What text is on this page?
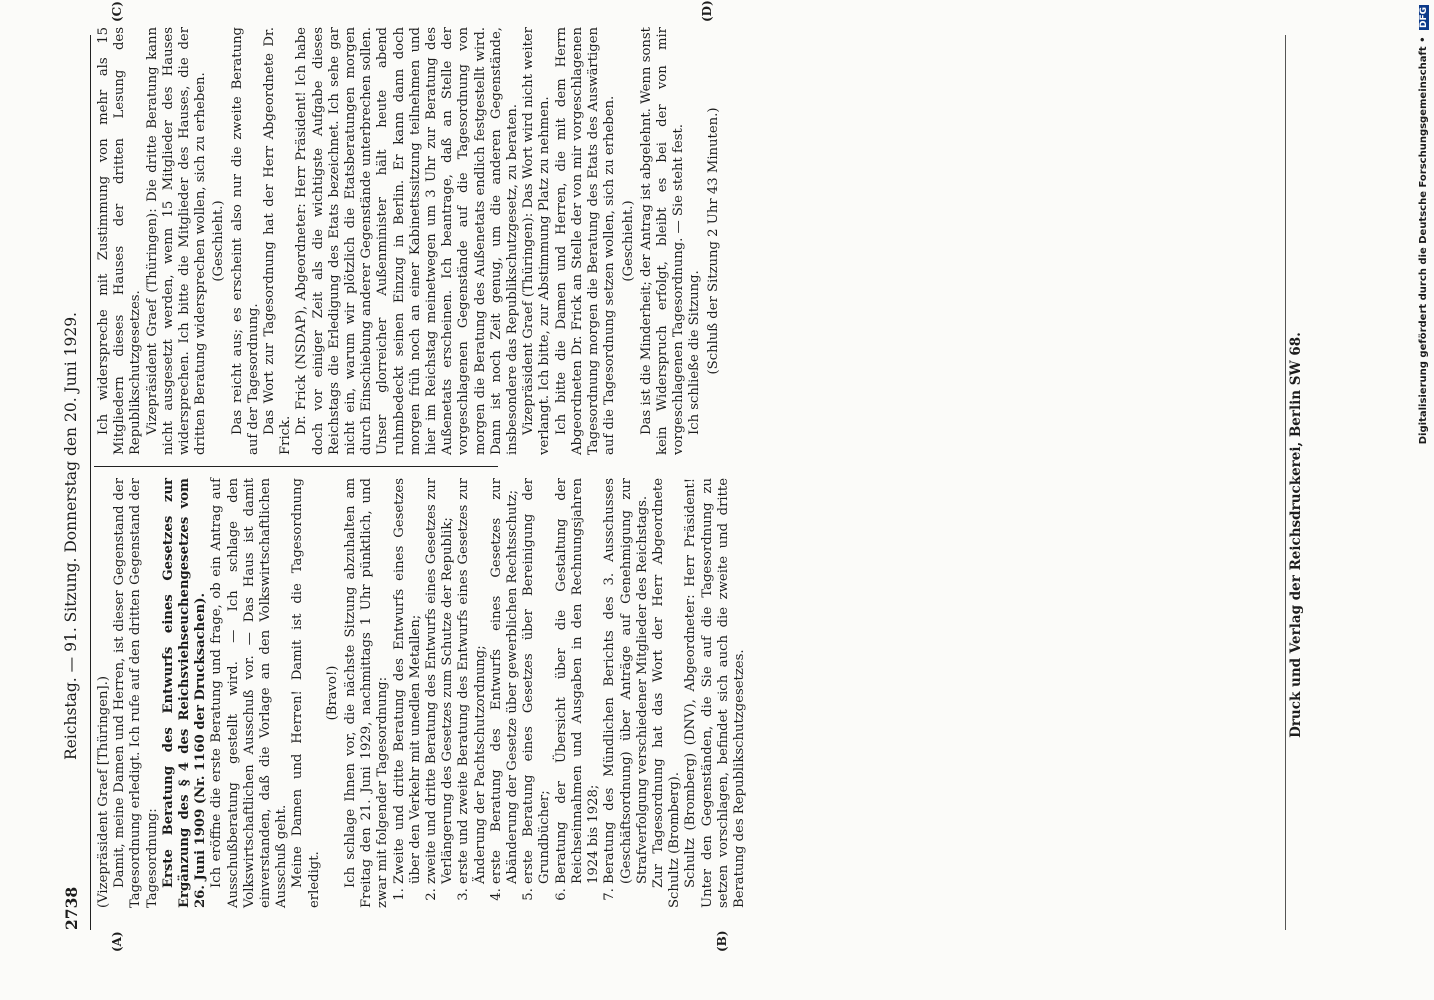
2738
Reichstag. — 91. Sitzung. Donnerstag den 20. Juni 1929.
(A)	(B)

(Vizepräsident Graef [Thüringen].) Damit, meine Damen und Herren, ist dieser Gegenstand der Tagesordnung erledigt. Ich rufe auf den dritten Gegenstand der Tagesordnung: Erste Beratung des Entwurfs eines Gesetzes zur Ergänzung des § 4 des Reichsviehseuchengesetzes vom 26. Juni 1909 (Nr. 1160 der Drucksachen). Ich eröffne die erste Beratung und frage, ob ein Antrag auf Ausschußberatung gestellt wird. — Ich schlage den Volkswirtschaftlichen Ausschuß vor. — Das Haus ist damit einverstanden, daß die Vorlage an den Volkswirtschaftlichen Ausschuß geht. Meine Damen und Herren! Damit ist die Tagesordnung erledigt.

(Bravo!) Ich schlage Ihnen vor, die nächste Sitzung abzuhalten am Freitag den 21. Juni 1929, nachmittags 1 Uhr pünktlich, und zwar mit folgender Tagesordnung: 1. Zweite und dritte Beratung des Entwurfs eines Gesetzes über den Verkehr mit unedlen Metallen; 2. zweite und dritte Beratung des Entwurfs eines Gesetzes zur Verlängerung des Gesetzes zum Schutze der Republik; 3. erste und zweite Beratung des Entwurfs eines Gesetzes zur Änderung der Pachtschutzordnung; 4. erste Beratung des Entwurfs eines Gesetzes zur Abänderung der Gesetze über gewerblichen Rechtsschutz; 5. erste Beratung eines Gesetzes über Bereinigung der Grundbücher; 6. Beratung der Übersicht über die Gestaltung der Reichseinnahmen und Ausgaben in den Rechnungsjahren 1924 bis 1928; 7. Beratung des Mündlichen Berichts des 3. Ausschusses (Geschäftsordnung) über Anträge auf Genehmigung zur Strafverfolgung verschiedener Mitglieder des Reichstags. Zur Tagesordnung hat das Wort der Herr Abgeordnete Schultz (Bromberg). Schultz (Bromberg) (DNV), Abgeordneter: Herr Präsident! Unter den Gegenständen, die Sie auf die Tagesordnung zu setzen vorschlagen, befindet sich auch die zweite und dritte Beratung des Republikschutzgesetzes.

Ich widerspreche mit Zustimmung von mehr als 15 Mitgliedern dieses Hauses der dritten Lesung des Republikschutzgesetzes. Vizepräsident Graef (Thüringen): Die dritte Beratung kann nicht ausgesetzt werden, wenn 15 Mitglieder des Hauses widersprechen. Ich bitte die Mitglieder des Hauses, die der dritten Beratung widersprechen wollen, sich zu erheben. (Geschieht.) Das reicht aus; es erscheint also nur die zweite Beratung auf der Tagesordnung. Das Wort zur Tagesordnung hat der Herr Abgeordnete Dr. Frick.

Dr. Frick (NSDAP), Abgeordneter: Herr Präsident! Ich habe doch vor einiger Zeit als die wichtigste Aufgabe dieses Reichstags die Erledigung des Etats bezeichnet. Ich sehe gar nicht ein, warum wir plötzlich die Etatsberatungen morgen durch Einschiebung anderer Gegenstände unterbrechen sollen. Unser glorreicher Außenminister hält heute abend ruhmbedeckt seinen Einzug in Berlin. Er kann dann doch morgen früh noch an einer Kabinettssitzung teilnehmen und hier im Reichstag meinetwegen um 3 Uhr zur Beratung des Außenetats erscheinen. Ich beantrage, daß an Stelle der vorgeschlagenen Gegenstände auf die Tagesordnung von morgen die Beratung des Außenetats endlich festgestellt wird. Dann ist noch Zeit genug, um die anderen Gegenstände, insbesondere das Republikschutzgesetz, zu beraten. Vizepräsident Graef (Thüringen): Das Wort wird nicht weiter verlangt. Ich bitte, zur Abstimmung Platz zu nehmen. Ich bitte die Damen und Herren, die mit dem Herrn Abgeordneten Dr. Frick an Stelle der von mir vorgeschlagenen Tagesordnung morgen die Beratung des Etats des Auswärtigen auf die Tagesordnung setzen wollen, sich zu erheben. (Geschieht.) Das ist die Minderheit; der Antrag ist abgelehnt. Wenn sonst kein Widerspruch erfolgt, bleibt es bei der von mir vorgeschlagenen Tagesordnung. — Sie steht fest. Ich schließe die Sitzung. (Schluß der Sitzung 2 Uhr 43 Minuten.)

(C)	(D)
Druck und Verlag der Reichsdruckerei, Berlin SW 68.
Digitalisierung gefördert durch die Deutsche Forschungsgemeinschaft • DFG
